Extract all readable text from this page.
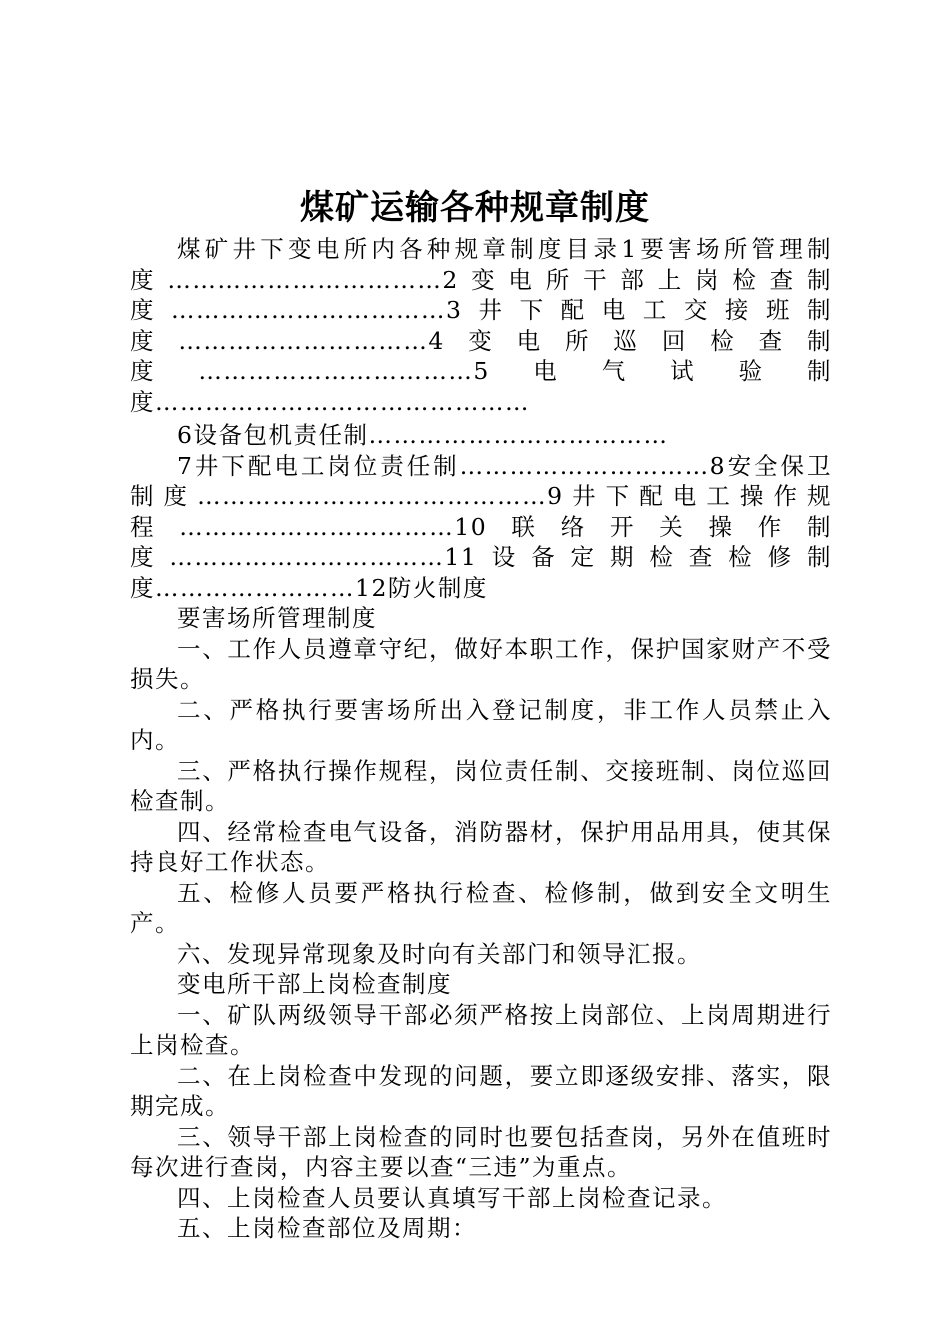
煤矿运输各种规章制度

煤矿井下变电所内各种规章制度目录1要害场所管理制度……………………………2变电所干部上岗检查制度……………………………3井下配电工交接班制度…………………………4变电所巡回检查制度……………………………5电气试验制度………………………………………

6设备包机责任制………………………………

7井下配电工岗位责任制…………………………8安全保卫制度……………………………………9井下配电工操作规程……………………………10联络开关操作制度……………………………11设备定期检查检修制度……………………12防火制度

要害场所管理制度

一、工作人员遵章守纪，做好本职工作，保护国家财产不受损失。

二、严格执行要害场所出入登记制度，非工作人员禁止入内。

三、严格执行操作规程，岗位责任制、交接班制、岗位巡回检查制。

四、经常检查电气设备，消防器材，保护用品用具，使其保持良好工作状态。

五、检修人员要严格执行检查、检修制，做到安全文明生产。

六、发现异常现象及时向有关部门和领导汇报。

变电所干部上岗检查制度

一、矿队两级领导干部必须严格按上岗部位、上岗周期进行上岗检查。

二、在上岗检查中发现的问题，要立即逐级安排、落实，限期完成。

三、领导干部上岗检查的同时也要包括查岗，另外在值班时每次进行查岗，内容主要以查“三违”为重点。

四、上岗检查人员要认真填写干部上岗检查记录。

五、上岗检查部位及周期：
